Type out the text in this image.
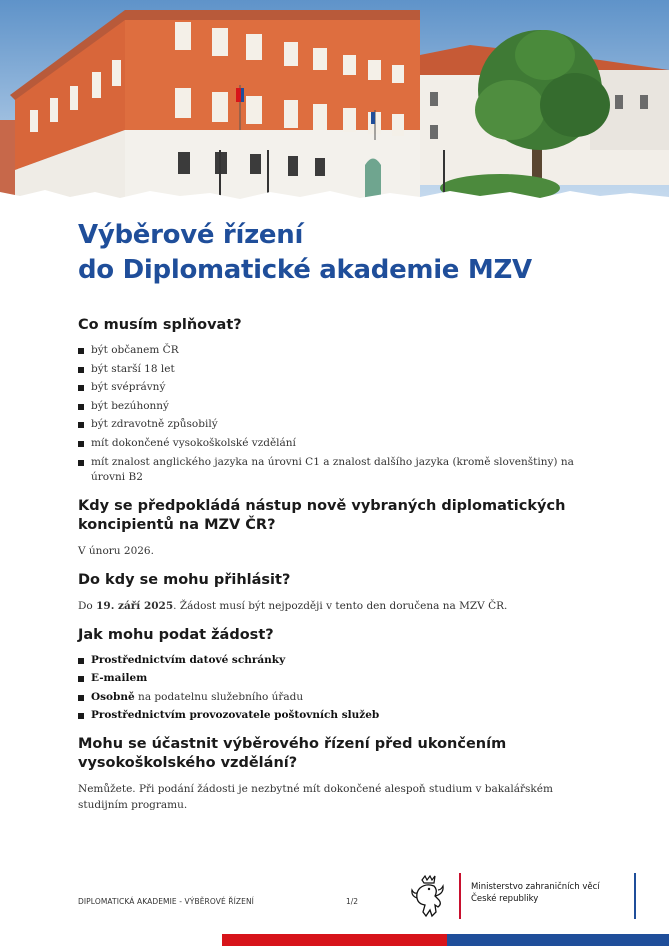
Výběrové řízení
do Diplomatické akademie MZV
Co musím splňovat?
být občanem ČR
být starší 18 let
být svéprávný
být bezúhonný
být zdravotně způsobilý
mít dokončené vysokoškolské vzdělání
mít znalost anglického jazyka na úrovni C1 a znalost dalšího jazyka (kromě slovenštiny) na úrovni B2
Kdy se předpokládá nástup nově vybraných diplomatických koncipientů na MZV ČR?

V únoru 2026.

Do kdy se mohu přihlásit?

Do 19. září 2025. Žádost musí být nejpozději v tento den doručena na MZV ČR.

Jak mohu podat žádost?
Prostřednictvím datové schránky
E-mailem
Osobně na podatelnu služebního úřadu
Prostřednictvím provozovatele poštovních služeb
Mohu se účastnit výběrového řízení před ukončením vysokoškolského vzdělání?

Nemůžete. Při podání žádosti je nezbytné mít dokončené alespoň studium v bakalářském studijním programu.

DIPLOMATICKÁ AKADEMIE - VÝBĚROVÉ ŘÍZENÍ	1/2
Ministerstvo zahraničních věcí
České republiky
